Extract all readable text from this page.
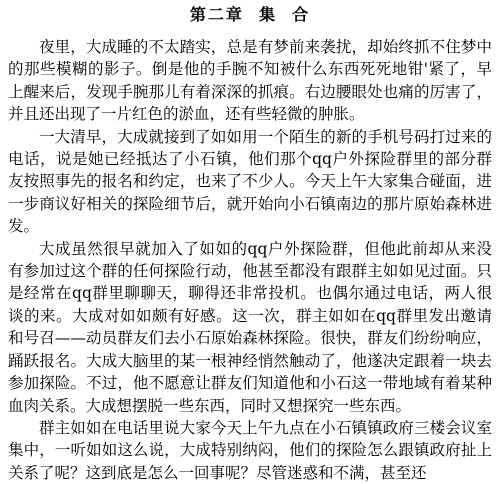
第二章  集  合

夜里，大成睡的不太踏实，总是有梦前来袭扰，却始终抓不住梦中的那些模糊的影子。倒是他的手腕不知被什么东西死死地钳'紧了，早上醒来后，发现手腕那儿有着深深的抓痕。右边腰眼处也痛的厉害了，并且还出现了一片红色的淤血，还有些轻微的肿胀。

一大清早，大成就接到了如如用一个陌生的新的手机号码打过来的电话，说是她已经抵达了小石镇，他们那个qq户外探险群里的部分群友按照事先的报名和约定，也来了不少人。今天上午大家集合碰面，进一步商议好相关的探险细节后，就开始向小石镇南边的那片原始森林进发。

大成虽然很早就加入了如如的qq户外探险群，但他此前却从来没有参加过这个群的任何探险行动，他甚至都没有跟群主如如见过面。只是经常在qq群里聊聊天，聊得还非常投机。也偶尔通过电话，两人很谈的来。大成对如如颇有好感。这一次，群主如如在qq群里发出邀请和号召——动员群友们去小石原始森林探险。很快，群友们纷纷响应，踊跃报名。大成大脑里的某一根神经悄然触动了，他遂决定跟着一块去参加探险。不过，他不愿意让群友们知道他和小石这一带地域有着某种血肉关系。大成想摆脱一些东西，同时又想探究一些东西。

群主如如在电话里说大家今天上午九点在小石镇镇政府三楼会议室集中，一听如如这么说，大成特别纳闷，他们的探险怎么跟镇政府扯上关系了呢？这到底是怎么一回事呢？尽管迷惑和不满，甚至还
